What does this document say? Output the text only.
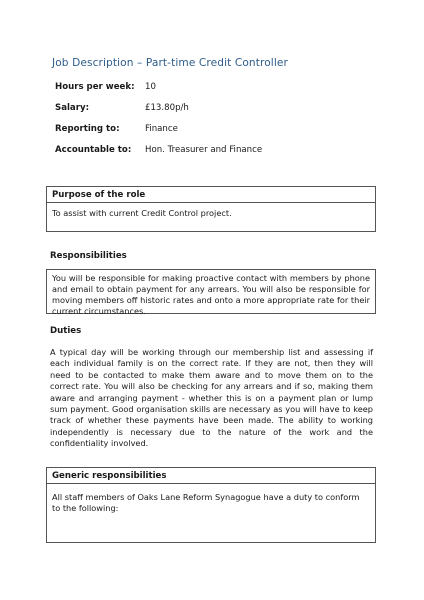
Job Description – Part-time Credit Controller
Hours per week: 10
Salary:	£13.80p/h
Reporting to:	Finance
Accountable to: Hon. Treasurer and Finance
Purpose of the role
To assist with current Credit Control project.
Responsibilities
You will be responsible for making proactive contact with members by phone and email to obtain payment for any arrears. You will also be responsible for moving members off historic rates and onto a more appropriate rate for their current circumstances.
Duties
A typical day will be working through our membership list and assessing if each individual family is on the correct rate. If they are not, then they will need to be contacted to make them aware and to move them on to the correct rate. You will also be checking for any arrears and if so, making them aware and arranging payment - whether this is on a payment plan or lump sum payment. Good organisation skills are necessary as you will have to keep track of whether these payments have been made. The ability to working independently is necessary due to the nature of the work and the confidentiality involved.
Generic responsibilities
All staff members of Oaks Lane Reform Synagogue have a duty to conform to the following:
